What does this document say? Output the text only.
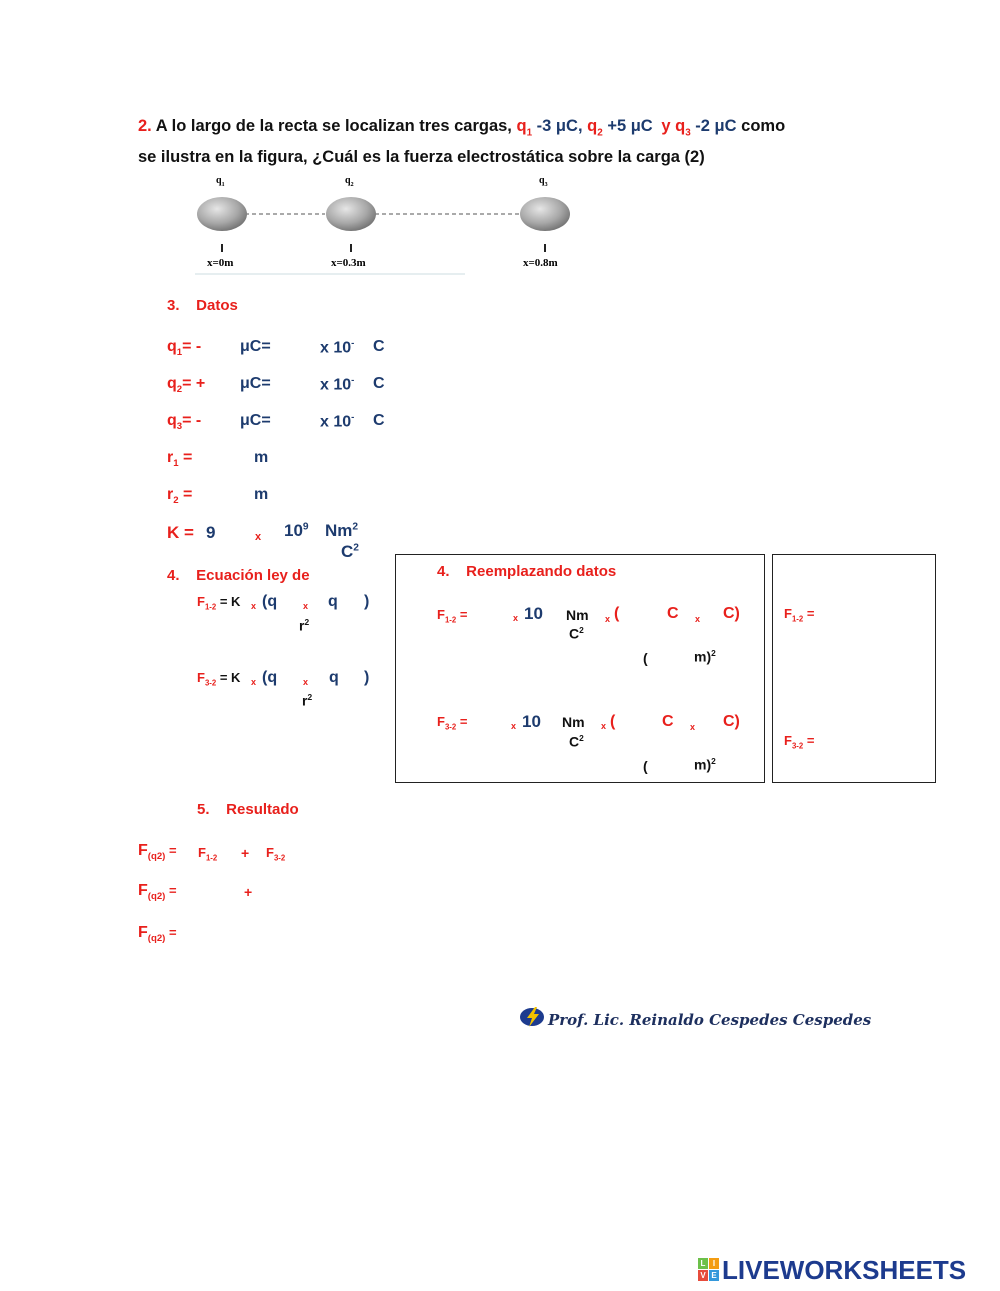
2. A lo largo de la recta se localizan tres cargas, $q_1$ -3 μC, $q_2 +5$ μC y $q_3$ -2 μC como
se ilustra en la figura, ¿Cuál es la fuerza electrostática sobre la carga (2)
$q_1$	$q_2$	$q_3$
x=0m	x=0.3m	x=0.8m
3.    Datos
$q_1= - \mu C=$	x 10- C
$q_2= + \mu C=$	x 10- C
$q_3= - \mu C=$	x 10- C
$r_1$ =	m
$r_2$ =	m
K = 9	x $10^9$ Nm$^2$
$C^2$
4.    Ecuación ley de
$F_{1-2} = K$ x (q	x q )
$r^2$
$F_{3-2} = K$ x (q	x q )
$r^2$
4.    Reemplazando datos
$F_{1-2}$ =	x 10 Nm x (	C x C)
$C^2$
(	m)$^2$
$F_{3-2}$ =	x 10 Nm x (	C x C)
$C^2$
(	m)$^2$
$F_{1-2}$ =
$F_{3-2}$ =
5.    Resultado
$F_{(q2)} = F_{1-2} + F_{3-2}$
$F_{(q2)}$ =	+
$F_{(q2)}$ =
Prof. Lic. Reinaldo Cespedes Cespedes
L I
V E LIVEWORKSHEETS
